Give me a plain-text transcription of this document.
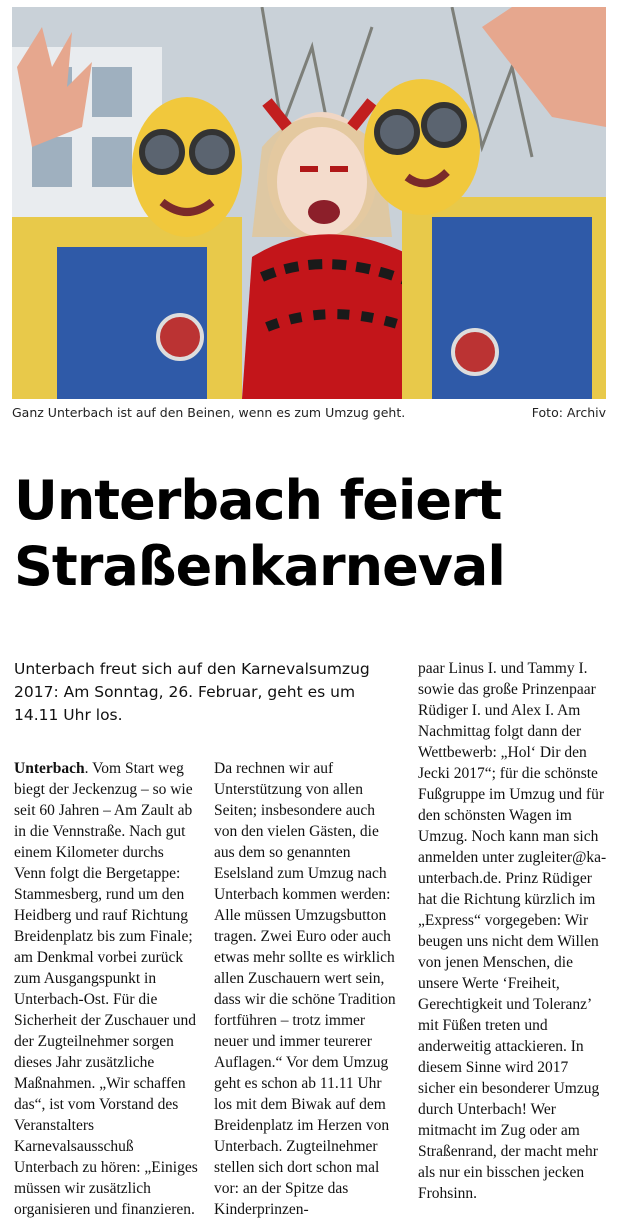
Ganz Unterbach ist auf den Beinen, wenn es zum Umzug geht.	Foto: Archiv
Unterbach feiert
Straßenkarneval

Unterbach freut sich auf den Karnevalsumzug 2017: Am Sonntag, 26. Februar, geht es um 14.11 Uhr los.

Unterbach. Vom Start weg biegt der Jeckenzug – so wie seit 60 Jahren – Am Zault ab in die Vennstraße. Nach gut einem Kilometer durchs Venn folgt die Bergetappe: Stammesberg, rund um den Heidberg und rauf Richtung Breidenplatz bis zum Finale; am Denkmal vorbei zurück zum Ausgangspunkt in Unterbach-Ost. Für die Sicherheit der Zuschauer und der Zugteilnehmer sorgen dieses Jahr zusätzliche Maßnahmen. „Wir schaffen das“, ist vom Vorstand des Veranstalters Karnevalsausschuß Unterbach zu hören: „Einiges müssen wir zusätzlich organisieren und finanzieren.

Da rechnen wir auf Unterstützung von allen Seiten; insbesondere auch von den vielen Gästen, die aus dem so genannten Eselsland zum Umzug nach Unterbach kommen werden: Alle müssen Umzugsbutton tragen. Zwei Euro oder auch etwas mehr sollte es wirklich allen Zuschauern wert sein, dass wir die schöne Tradition fortführen – trotz immer neuer und immer teurerer Auflagen.“ Vor dem Umzug geht es schon ab 11.11 Uhr los mit dem Biwak auf dem Breidenplatz im Herzen von Unterbach. Zugteilnehmer stellen sich dort schon mal vor: an der Spitze das Kinderprinzen-

paar Linus I. und Tammy I. sowie das große Prinzenpaar Rüdiger I. und Alex I. Am Nachmittag folgt dann der Wettbewerb: „Hol‘ Dir den Jecki 2017“; für die schönste Fußgruppe im Umzug und für den schönsten Wagen im Umzug. Noch kann man sich anmelden unter zugleiter@ka-unterbach.de. Prinz Rüdiger hat die Richtung kürzlich im „Express“ vorgegeben: Wir beugen uns nicht dem Willen von jenen Menschen, die unsere Werte ‘Freiheit, Gerechtigkeit und Toleranz’ mit Füßen treten und anderweitig attackieren. In diesem Sinne wird 2017 sicher ein besonderer Umzug durch Unterbach! Wer mitmacht im Zug oder am Straßenrand, der macht mehr als nur ein bisschen jecken Frohsinn.
